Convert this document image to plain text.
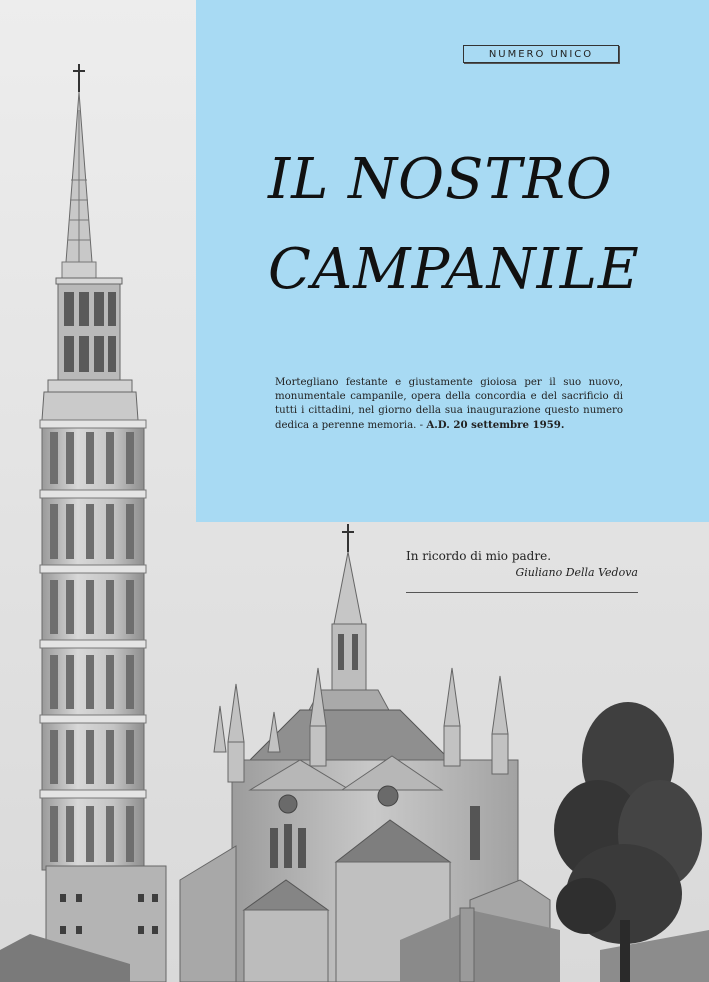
NUMERO UNICO
IL NOSTRO
CAMPANILE
Mortegliano festante e giustamente gioiosa per il suo nuovo, monumentale campanile, opera della concordia e del sacrificio di tutti i cittadini, nel giorno della sua inaugurazione questo numero dedica a perenne memoria. - A.D. 20 settembre 1959.
In ricordo di mio padre.
Giuliano Della Vedova
